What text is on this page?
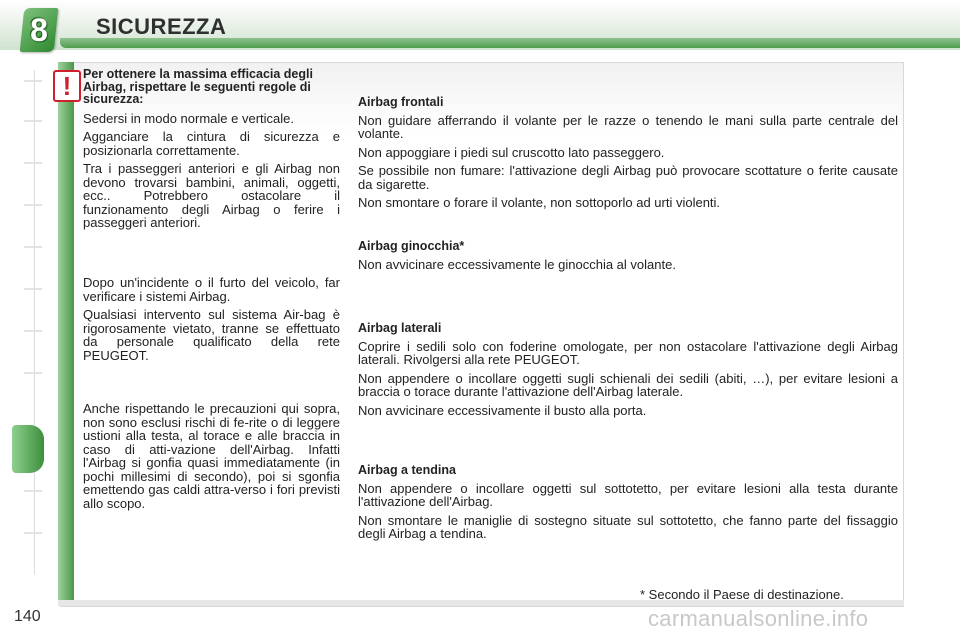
8	SICUREZZA
! Per ottenere la massima efficacia degli Airbag, rispettare le seguenti regole di sicurezza:

Sedersi in modo normale e verticale.

Agganciare la cintura di sicurezza e posizionarla correttamente.

Tra i passeggeri anteriori e gli Airbag non devono trovarsi bambini, animali, oggetti, ecc.. Potrebbero ostacolare il funzionamento degli Airbag o ferire i passeggeri anteriori.

Dopo un'incidente o il furto del veicolo, far verificare i sistemi Airbag.

Qualsiasi intervento sul sistema Air-bag è rigorosamente vietato, tranne se effettuato da personale qualificato della rete PEUGEOT.

Anche rispettando le precauzioni qui sopra, non sono esclusi rischi di fe-rite o di leggere ustioni alla testa, al torace e alle braccia in caso di atti-vazione dell'Airbag. Infatti l'Airbag si gonfia quasi immediatamente (in pochi millesimi di secondo), poi si sgonfia emettendo gas caldi attra-verso i fori previsti allo scopo.

Airbag frontali

Non guidare afferrando il volante per le razze o tenendo le mani sulla parte centrale del volante.

Non appoggiare i piedi sul cruscotto lato passeggero.

Se possibile non fumare: l'attivazione degli Airbag può provocare scottature o ferite causate da sigarette.

Non smontare o forare il volante, non sottoporlo ad urti violenti.

Airbag ginocchia*

Non avvicinare eccessivamente le ginocchia al volante.

Airbag laterali

Coprire i sedili solo con foderine omologate, per non ostacolare l'attivazione degli Airbag laterali. Rivolgersi alla rete PEUGEOT.

Non appendere o incollare oggetti sugli schienali dei sedili (abiti, …), per evitare lesioni a braccia o torace durante l'attivazione dell'Airbag laterale.

Non avvicinare eccessivamente il busto alla porta.

Airbag a tendina

Non appendere o incollare oggetti sul sottotetto, per evitare lesioni alla testa durante l'attivazione dell'Airbag.

Non smontare le maniglie di sostegno situate sul sottotetto, che fanno parte del fissaggio degli Airbag a tendina.

* Secondo il Paese di destinazione.
140	carmanualsonline.info
